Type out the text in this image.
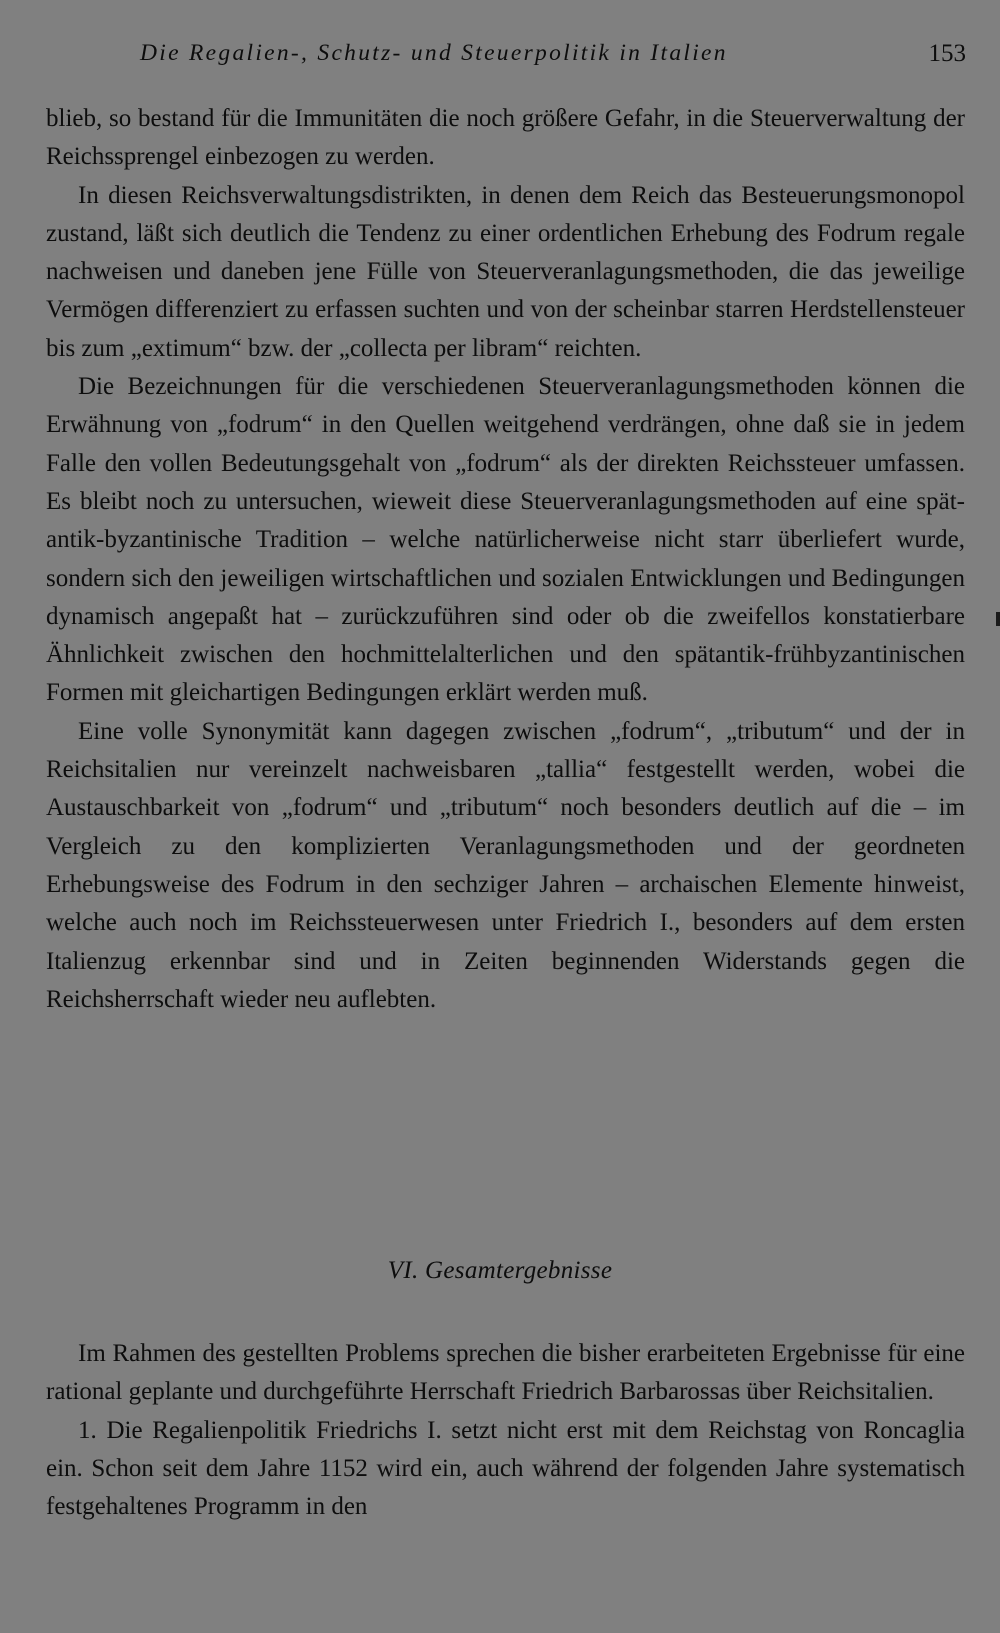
Die Regalien-, Schutz- und Steuerpolitik in Italien	153

blieb, so bestand für die Immunitäten die noch größere Gefahr, in die Steuerverwaltung der Reichssprengel einbezogen zu werden.

In diesen Reichsverwaltungsdistrikten, in denen dem Reich das Besteuerungsmonopol zustand, läßt sich deutlich die Tendenz zu einer ordentlichen Erhebung des Fodrum regale nachweisen und daneben jene Fülle von Steuerveranlagungsmethoden, die das jeweilige Vermögen differenziert zu erfassen suchten und von der scheinbar starren Herdstellensteuer bis zum „extimum“ bzw. der „collecta per libram“ reichten.

Die Bezeichnungen für die verschiedenen Steuerveranlagungsmethoden können die Erwähnung von „fodrum“ in den Quellen weitgehend verdrängen, ohne daß sie in jedem Falle den vollen Bedeutungsgehalt von „fodrum“ als der direkten Reichssteuer umfassen. Es bleibt noch zu untersuchen, wieweit diese Steuerveranlagungsmethoden auf eine spätantik-byzantinische Tradition – welche natürlicherweise nicht starr überliefert wurde, sondern sich den jeweiligen wirtschaftlichen und sozialen Entwicklungen und Bedingungen dynamisch angepaßt hat – zurückzuführen sind oder ob die zweifellos konstatierbare Ähnlichkeit zwischen den hochmittelalterlichen und den spätantik-frühbyzantinischen Formen mit gleichartigen Bedingungen erklärt werden muß.

Eine volle Synonymität kann dagegen zwischen „fodrum“, „tributum“ und der in Reichsitalien nur vereinzelt nachweisbaren „tallia“ festgestellt werden, wobei die Austauschbarkeit von „fodrum“ und „tributum“ noch besonders deutlich auf die – im Vergleich zu den komplizierten Veranlagungsmethoden und der geordneten Erhebungsweise des Fodrum in den sechziger Jahren – archaischen Elemente hinweist, welche auch noch im Reichssteuerwesen unter Friedrich I., besonders auf dem ersten Italienzug erkennbar sind und in Zeiten beginnenden Widerstands gegen die Reichsherrschaft wieder neu auflebten.

VI. Gesamtergebnisse

Im Rahmen des gestellten Problems sprechen die bisher erarbeiteten Ergebnisse für eine rational geplante und durchgeführte Herrschaft Friedrich Barbarossas über Reichsitalien.

1. Die Regalienpolitik Friedrichs I. setzt nicht erst mit dem Reichstag von Roncaglia ein. Schon seit dem Jahre 1152 wird ein, auch während der folgenden Jahre systematisch festgehaltenes Programm in den
